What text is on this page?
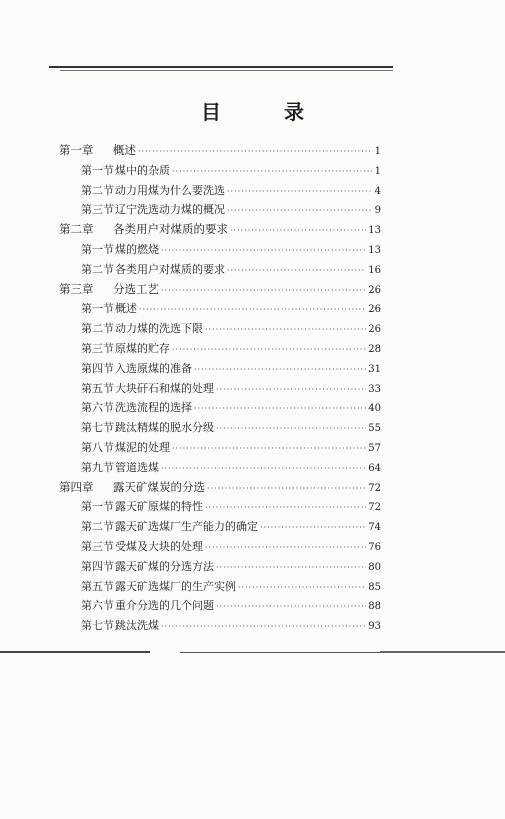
目 录
第一章	概述 ·····	1
第一节 煤中的杂质 ·····	1
第二节 动力用煤为什么要洗选 ·····	4
第三节 辽宁洗选动力煤的概况 ·····	9
第二章	各类用户对煤质的要求 ·····	13
第一节 煤的燃烧 ·····	13
第二节 各类用户对煤质的要求 ·····	16
第三章	分选工艺 ·····	26
第一节 概述 ·····	26
第二节 动力煤的洗选下限 ·····	26
第三节 原煤的贮存 ·····	28
第四节 入选原煤的准备 ·····	31
第五节 大块矸石和煤的处理 ·····	33
第六节 洗选流程的选择 ·····	40
第七节 跳汰精煤的脱水分级 ·····	55
第八节 煤泥的处理 ·····	57
第九节 管道选煤 ·····	64
第四章	露天矿煤炭的分选 ·····	72
第一节 露天矿原煤的特性 ·····	72
第二节 露天矿选煤厂生产能力的确定 ·····	74
第三节 受煤及大块的处理 ·····	76
第四节 露天矿煤的分选方法 ·····	80
第五节 露天矿选煤厂的生产实例 ·····	85
第六节 重介分选的几个问题 ·····	88
第七节 跳汰洗煤 ·····	93
